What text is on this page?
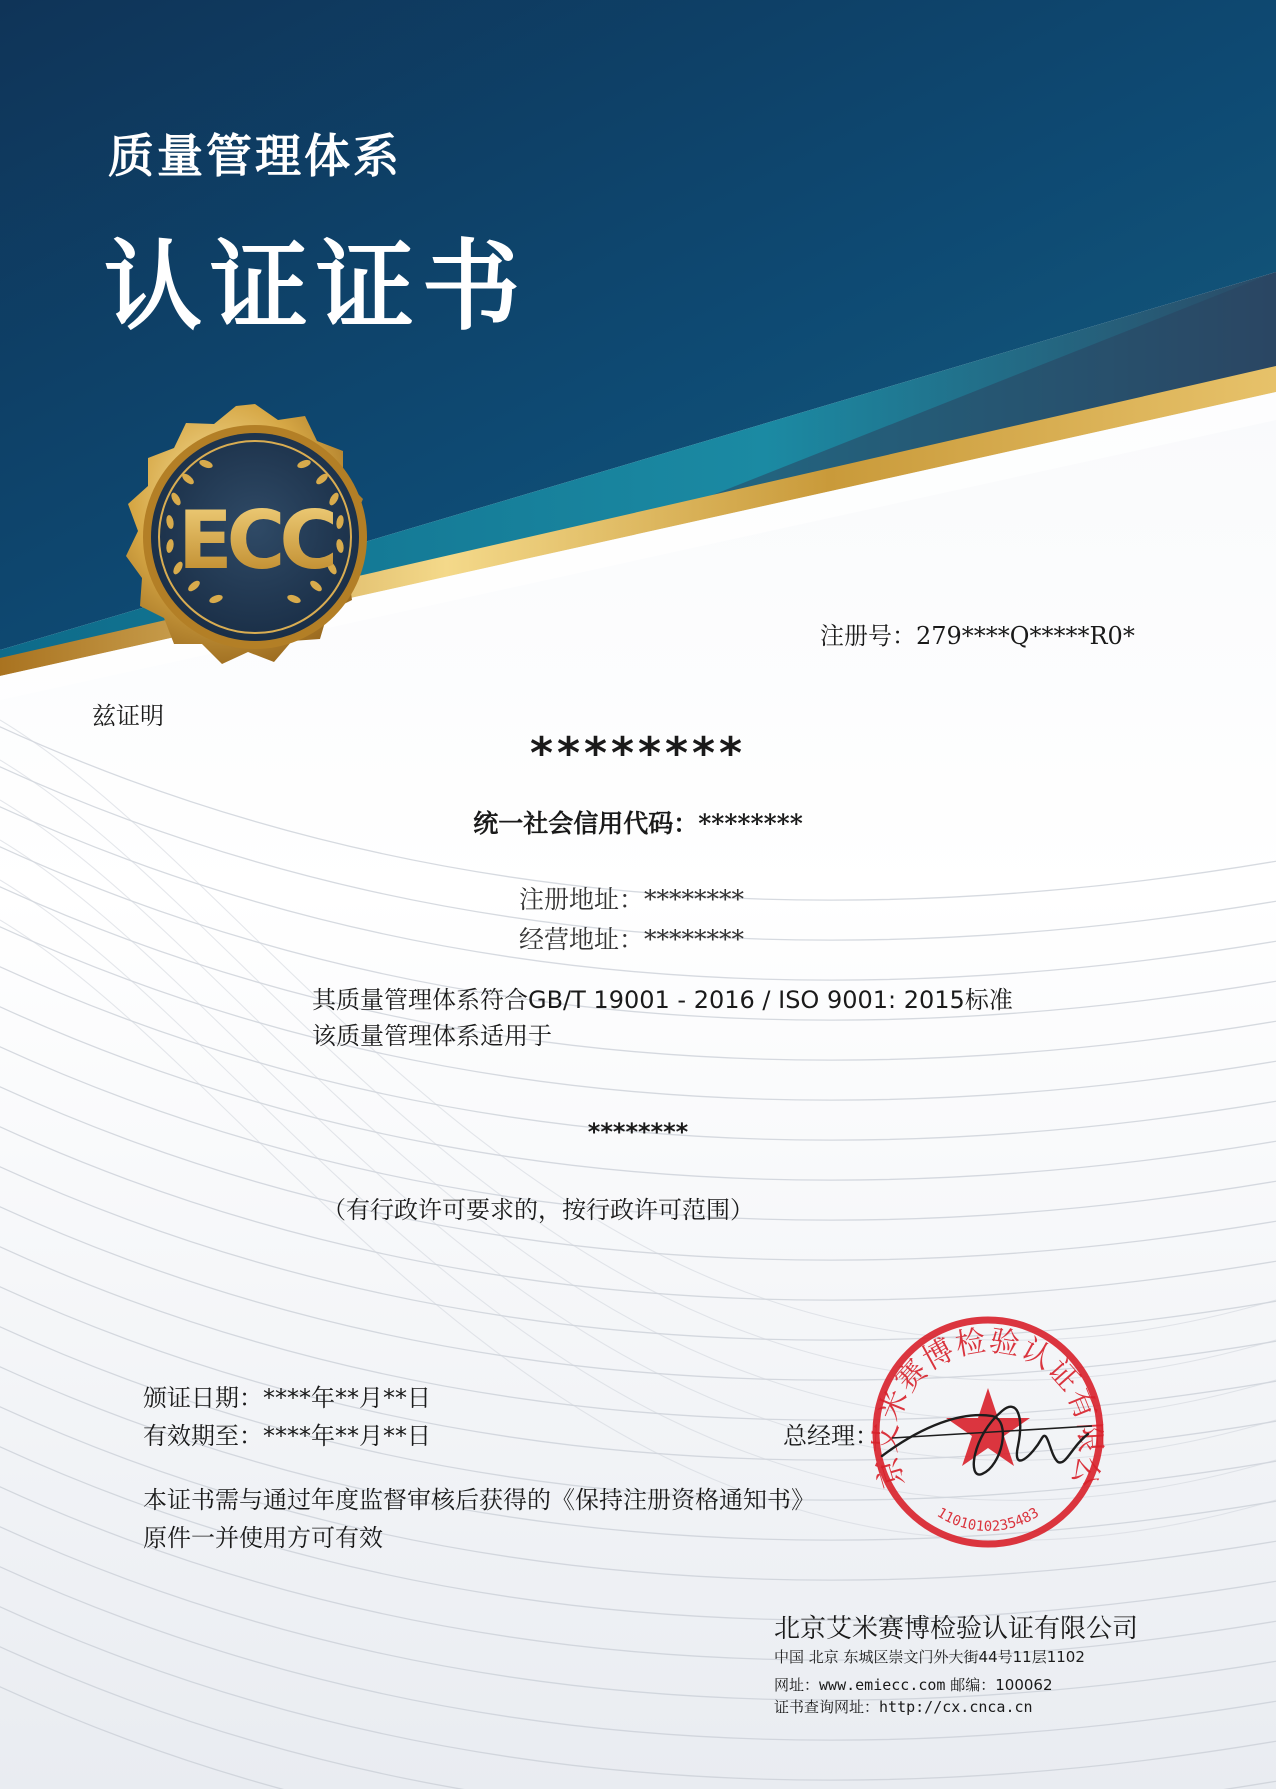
质量管理体系
认证证书
ECC
注册号：279****Q*****R0*
兹证明
********
统一社会信用代码：********
注册地址：********
经营地址：********
其质量管理体系符合GB/T 19001 - 2016 / ISO 9001: 2015标准
该质量管理体系适用于
********
（有行政许可要求的，按行政许可范围）
颁证日期：****年**月**日
有效期至：****年**月**日	总经理：
本证书需与通过年度监督审核后获得的《保持注册资格通知书》
原件一并使用方可有效
京艾米赛博检验认证有限公
1101010235483
北京艾米赛博检验认证有限公司
中国 北京 东城区崇文门外大街44号11层1102
网址：www.emiecc.com 邮编：100062
证书查询网址：http://cx.cnca.cn
